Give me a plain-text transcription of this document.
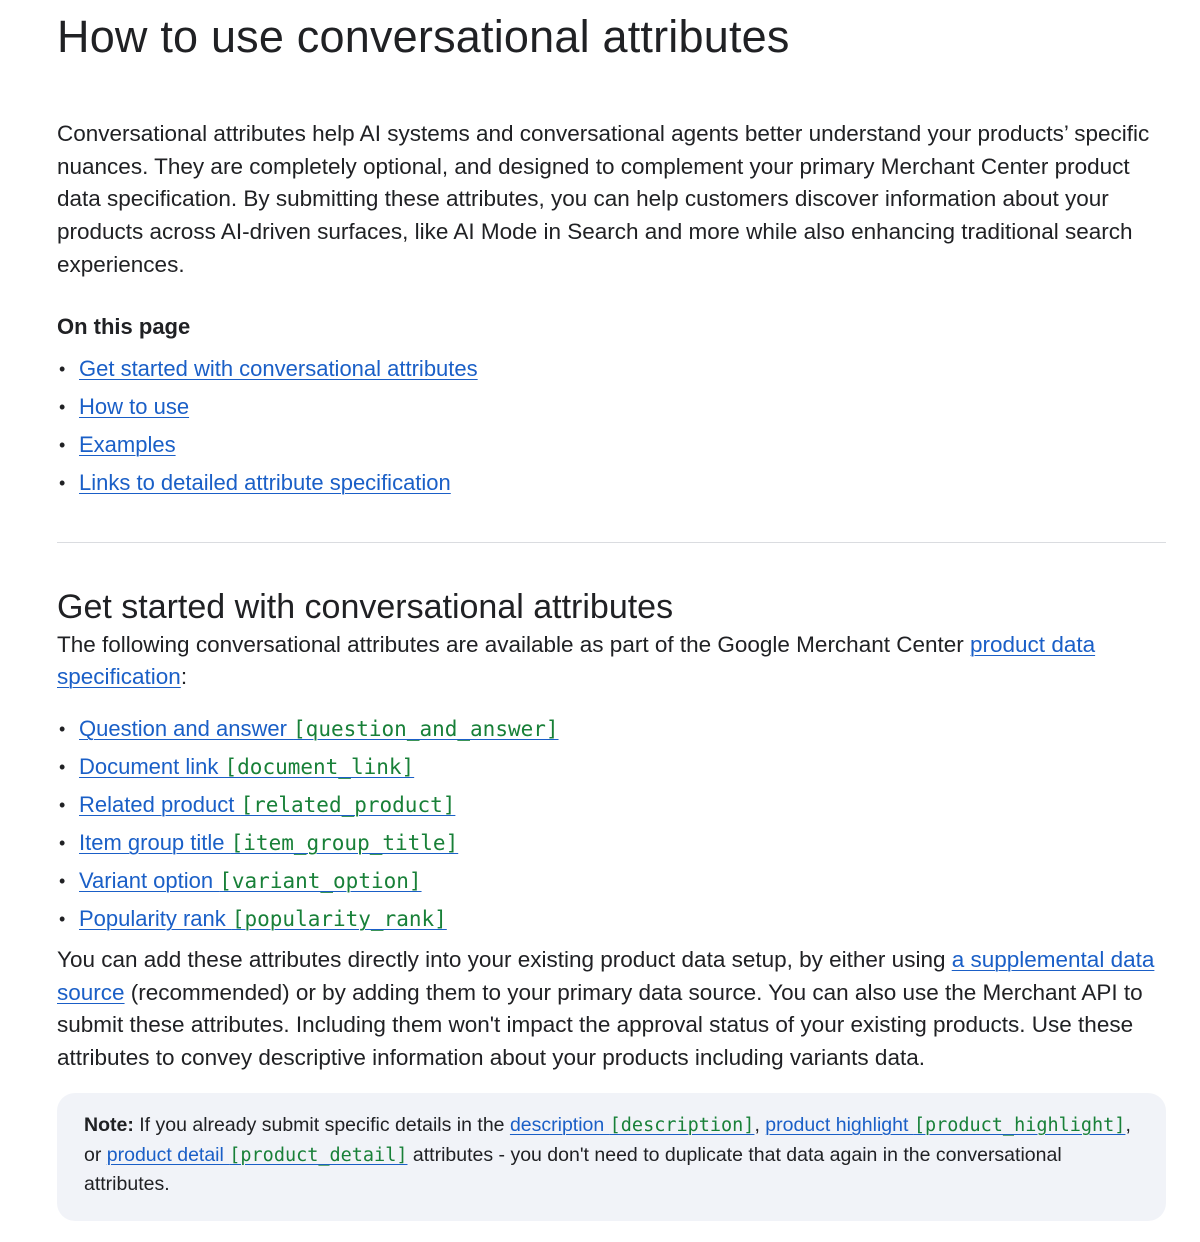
How to use conversational attributes

Conversational attributes help AI systems and conversational agents better understand your products’ specific nuances. They are completely optional, and designed to complement your primary Merchant Center product data specification. By submitting these attributes, you can help customers discover information about your products across AI-driven surfaces, like AI Mode in Search and more while also enhancing traditional search experiences.

On this page
• Get started with conversational attributes
• How to use
• Examples
• Links to detailed attribute specification
Get started with conversational attributes

The following conversational attributes are available as part of the Google Merchant Center product data specification:

• Question and answer [question_and_answer]
• Document link [document_link]
• Related product [related_product]
• Item group title [item_group_title]
• Variant option [variant_option]
• Popularity rank [popularity_rank]

You can add these attributes directly into your existing product data setup, by either using a supplemental data source (recommended) or by adding them to your primary data source. You can also use the Merchant API to submit these attributes. Including them won't impact the approval status of your existing products. Use these attributes to convey descriptive information about your products including variants data.

Note: If you already submit specific details in the description [description], product highlight [product_highlight], or product detail [product_detail] attributes - you don't need to duplicate that data again in the conversational attributes.
